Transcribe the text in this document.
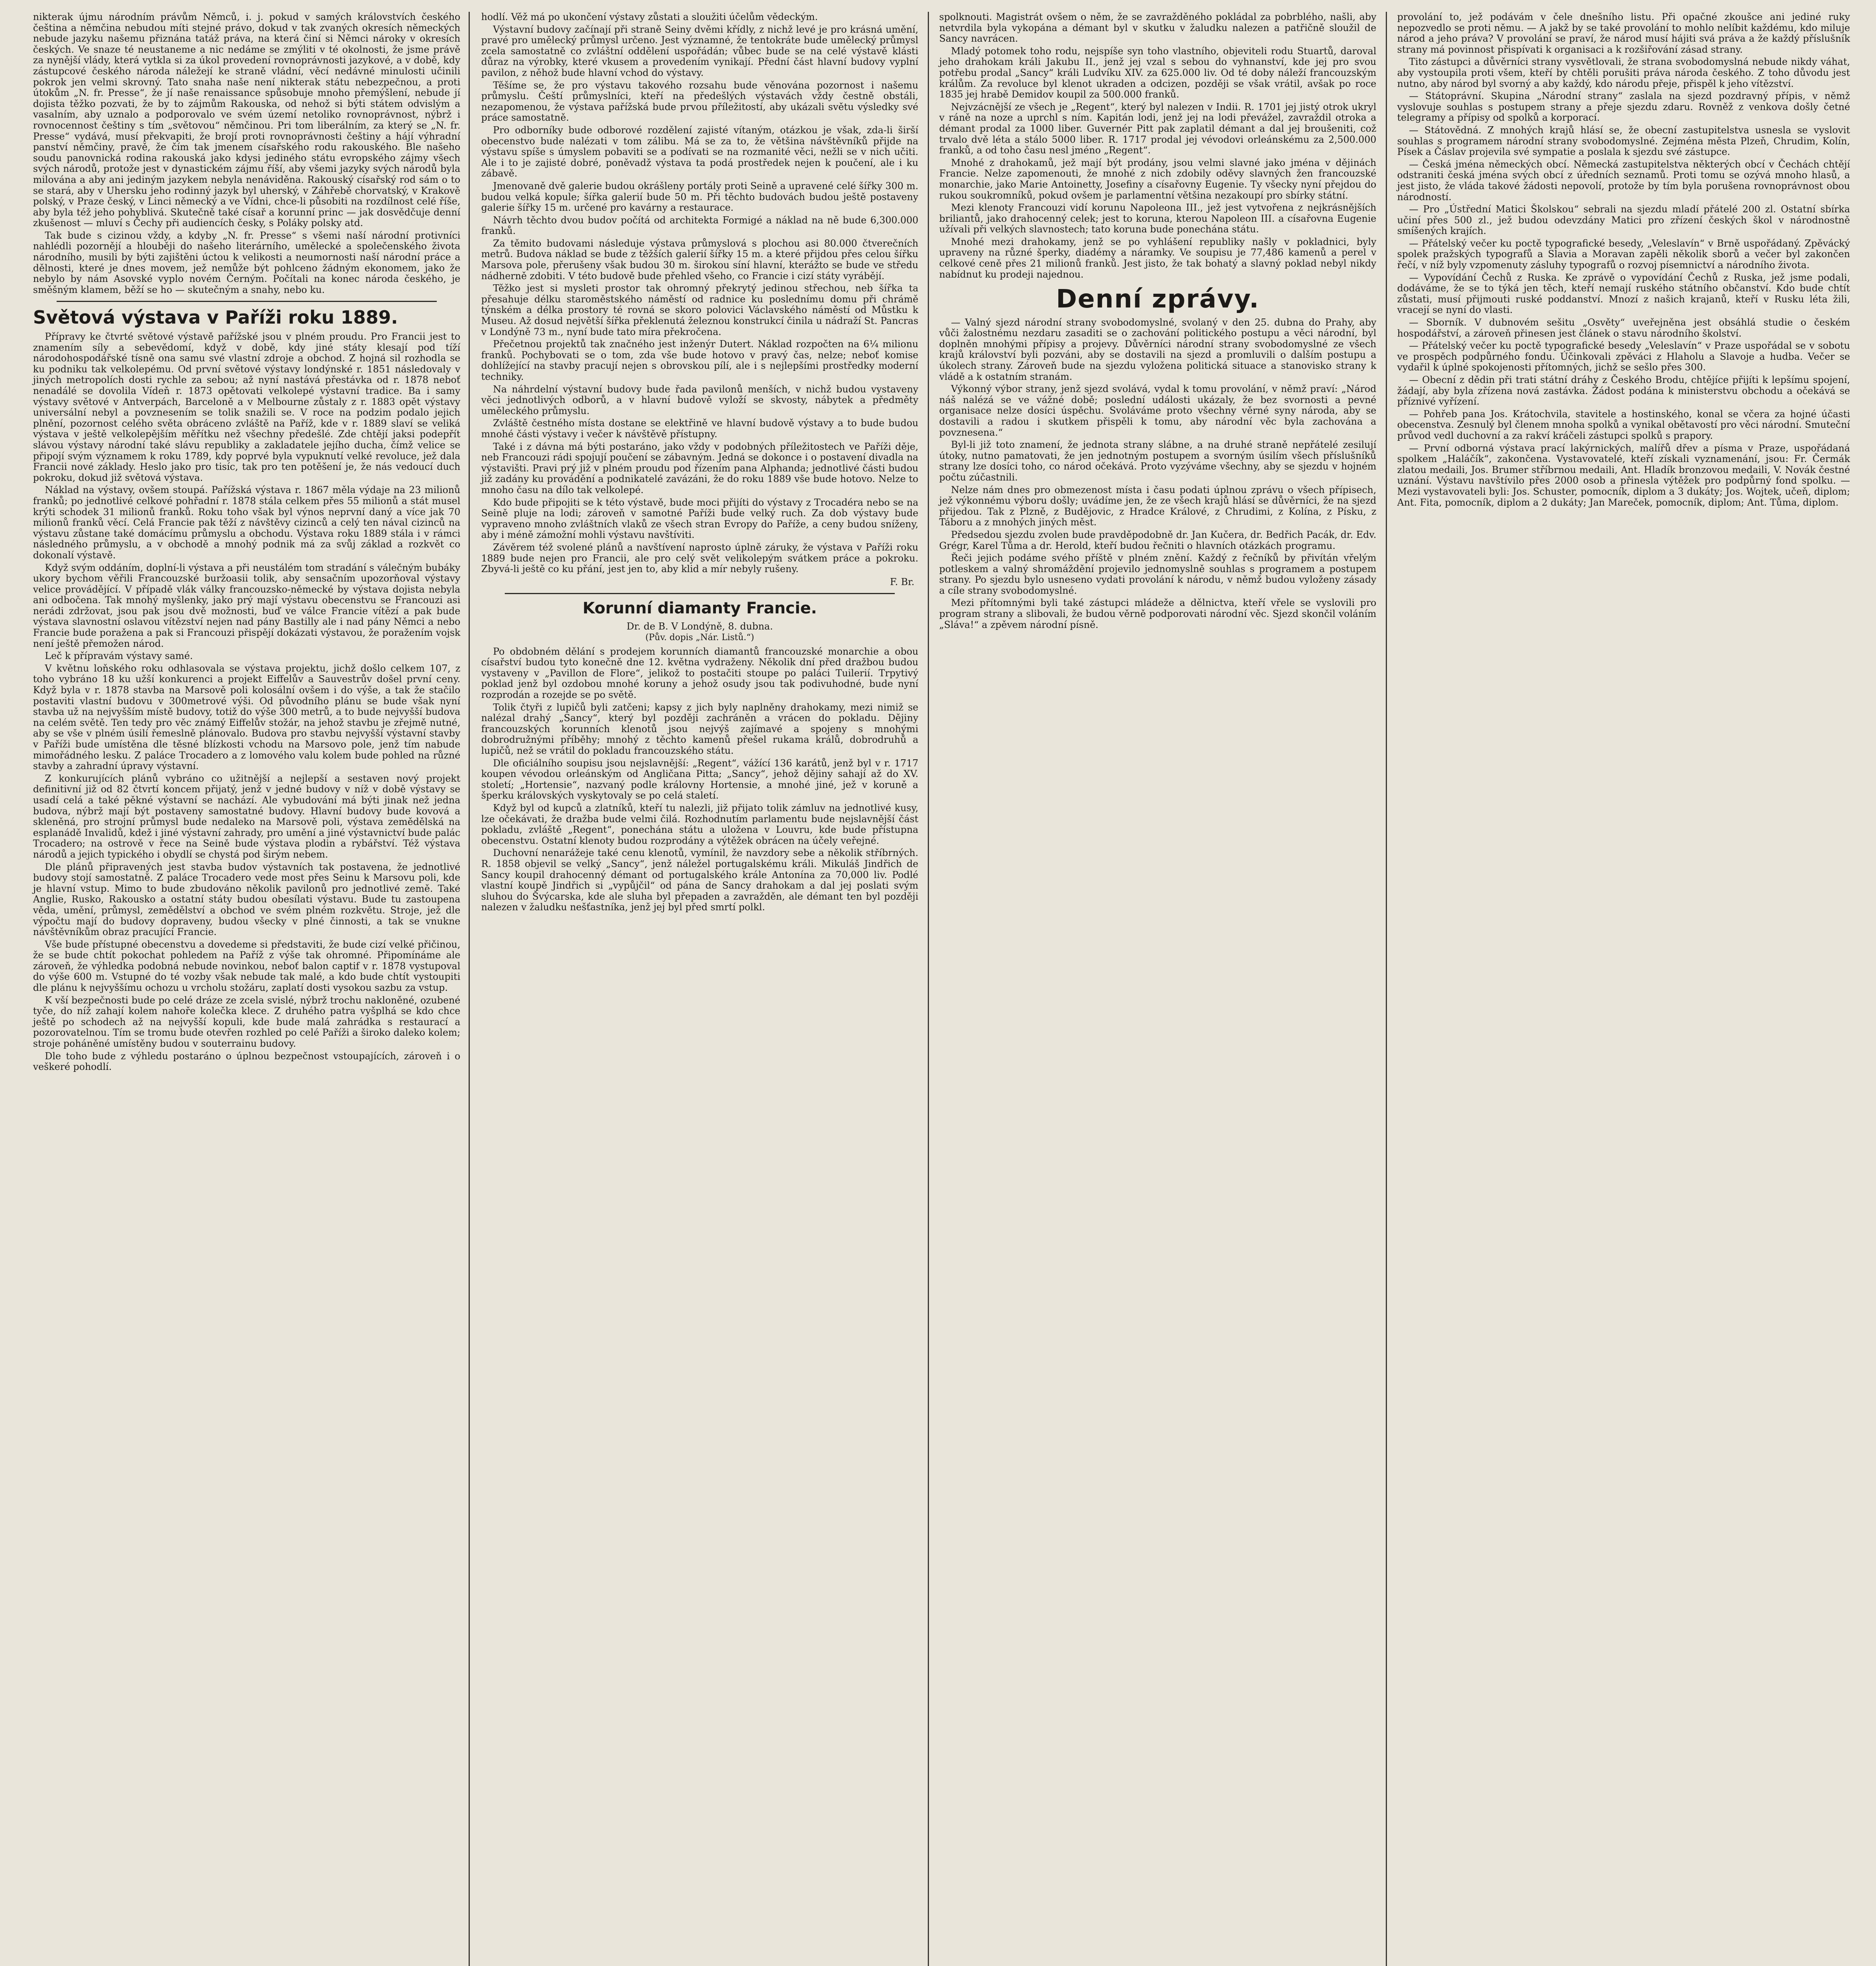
nikterak újmu národním právům Němců, i. j. pokud v samých královstvích českého čeština a němčina nebudou míti stejné právo, dokud v tak zvaných okresích německých nebude jazyku našemu přiznána tatáž práva, na která činí si Němci nároky v okresích českých. Ve snaze té neustaneme a nic nedáme se zmýliti v té okolnosti, že jsme právě za nynější vlády, která vytkla si za úkol provedení rovnoprávnosti jazykové, a v době, kdy zástupcové českého národa náležejí ke straně vládní, věcí nedávné minulosti učinili pokrok jen velmi skrovný. Tato snaha naše není nikterak státu nebezpečnou, a proti útokům „N. fr. Presse“, že jí naše renaissance spůsobuje mnoho přemýšlení, nebude jí dojista těžko pozvati, že by to zájmům Rakouska, od nehož si býti státem odvislým a vasalním, aby uznalo a podporovalo ve svém území netoliko rovnoprávnost, nýbrž i rovnocennost češtiny s tím „světovou“ němčinou. Pri tom liberálním, za který se „N. fr. Presse“ vydává, musí překvapiti, že brojí proti rovnoprávnosti češtiny a hájí výhradní panství němčiny, pravě, že čím tak jmenem císařského rodu rakouského. Ble našeho soudu panovnická rodina rakouská jako kdysi jediného státu evropského zájmy všech svých národů, protože jest v dynastickém zájmu říší, aby všemi jazyky svých národů byla milována a aby ani jediným jazykem nebyla nenáviděna. Rakouský císařský rod sám o to se stará, aby v Uhersku jeho rodinný jazyk byl uherský, v Záhřebě chorvatský, v Krakově polský, v Praze český, v Linci německý a ve Vídni, chce-li působiti na rozdílnost celé říše, aby byla též jeho pohyblivá. Skutečně také císař a korunní princ — jak dosvědčuje denní zkušenost — mluví s Čechy při audiencích česky, s Poláky polsky atd.

Tak bude s cizinou vždy, a kdyby „N. fr. Presse“ s všemi naší národní protivníci nahlédli pozornějí a hlouběji do našeho literárního, umělecké a společenského života národního, musili by býti zajištěni úctou k velikosti a neumornosti naší národní práce a dělnosti, které je dnes movem, jež nemůže být pohlceno žádným ekonomem, jako že nebylo by nám Asovské vyplo novém Černým. Počítali na konec národa českého, je směšným klamem, běží se ho — skutečným a snahy, nebo ku.

Světová výstava v Paříži roku 1889.

Přípravy ke čtvrté světové výstavě pařížské jsou v plném proudu. Pro Francii jest to znamením síly a sebevědomí, když v době, kdy jiné státy klesají pod tíží národohospodářské tísně ona samu své vlastní zdroje a obchod. Z hojná sil rozhodla se ku podniku tak velkolepému. Od první světové výstavy londýnské r. 1851 následovaly v jiných metropolích dosti rychle za sebou; až nyní nastává přestávka od r. 1878 neboť nenadálé se dovolila Vídeň r. 1873 opětovati velkolepé výstavní tradice. Ba i samy výstavy světové v Antverpách, Barceloně a v Melbourne zůstaly z r. 1883 opět výstavy universální nebyl a povznesením se tolik snažili se. V roce na podzim podalo jejich plnění, pozornost celého světa obráceno zvláště na Paříž, kde v r. 1889 slaví se veliká výstava v ještě velkolepějším měřítku než všechny předešlé. Zde chtějí jaksi podepřít slávou výstavy národní také slávu republiky a zakladatele jejího ducha, čímž velice se připojí svým významem k roku 1789, kdy poprvé byla vypuknutí velké revoluce, jež dala Francii nové základy. Heslo jako pro tisíc, tak pro ten potěšení je, že nás vedoucí duch pokroku, dokud již světová výstava.

Náklad na výstavy, ovšem stoupá. Pařížská výstava r. 1867 měla výdaje na 23 milionů franků; po jednotlivé celkové pohřadní r. 1878 stála celkem přes 55 milionů a stát musel krýti schodek 31 milionů franků. Roku toho však byl výnos neprvní daný a více jak 70 milionů franků věcí. Celá Francie pak těží z návštěvy cizinců a celý ten nával cizinců na výstavu zůstane také domácímu průmyslu a obchodu. Výstava roku 1889 stála i v rámci následného průmyslu, a v obchodě a mnohý podnik má za svůj základ a rozkvět co dokonalí výstavě.

Když svým oddáním, doplní-li výstava a při neustálém tom stradání s válečným bubáky ukory bychom věřili Francouzské buržoasii tolik, aby sensačním upozorňoval výstavy velice provádějící. V případě vlák války francouzsko-německé by výstava dojista nebyla ani odbočena. Tak mnohý myšlenky, jako prý mají výstavu obecenstvu se Francouzi asi nerádi zdržovat, jsou pak jsou dvě možnosti, buď ve válce Francie vítězí a pak bude výstava slavnostní oslavou vítězství nejen nad pány Bastilly ale i nad pány Němci a nebo Francie bude poražena a pak si Francouzi přispějí dokázati výstavou, že poražením vojsk není ještě přemožen národ.

Leč k přípravám výstavy samé.

V květnu loňského roku odhlasovala se výstava projektu, jichž došlo celkem 107, z toho vybráno 18 ku užší konkurenci a projekt Eiffelův a Sauvestrův došel první ceny. Když byla v r. 1878 stavba na Marsově poli kolosální ovšem i do výše, a tak že stačilo postaviti vlastní budovu v 300metrové výši. Od původního plánu se bude však nyní stavba už na nejvyšším místě budovy, totiž do výše 300 metrů, a to bude nejvyšší budova na celém světě. Ten tedy pro věc známý Eiffelův stožár, na jehož stavbu je zřejmě nutné, aby se vše v plném úsilí řemeslně plánovalo. Budova pro stavbu nejvyšší výstavní stavby v Paříži bude umístěna dle těsné blízkosti vchodu na Marsovo pole, jenž tím nabude mimořádného lesku. Z paláce Trocadero a z lomového valu kolem bude pohled na různé stavby a zahradní úpravy výstavní.

Z konkurujících plánů vybráno co užitnější a nejlepší a sestaven nový projekt definitivní již od 82 čtvrtí koncem přijatý, jenž v jedné budovy v níž v době výstavy se usadí celá a také pěkné výstavní se nachází. Ale vybudování má býti jinak než jedna budova, nýbrž mají být postaveny samostatné budovy. Hlavní budovy bude kovová a skleněná, pro strojní průmysl bude nedaleko na Marsově poli, výstava zemědělská na esplanádě Invalidů, kdež i jiné výstavní zahrady, pro umění a jiné výstavnictví bude palác Trocadero; na ostrově v řece na Seině bude výstava plodin a rybářství. Též výstava národů a jejich typického i obydlí se chystá pod širým nebem.

Dle plánů připravených jest stavba budov výstavních tak postavena, že jednotlivé budovy stojí samostatně. Z paláce Trocadero vede most přes Seinu k Marsovu poli, kde je hlavní vstup. Mimo to bude zbudováno několik pavilonů pro jednotlivé země. Také Anglie, Rusko, Rakousko a ostatní státy budou obesílati výstavu. Bude tu zastoupena věda, umění, průmysl, zemědělství a obchod ve svém plném rozkvětu. Stroje, jež dle výpočtu mají do budovy dopraveny, budou všecky v plné činnosti, a tak se vnukne návštěvníkům obraz pracující Francie.

Vše bude přístupné obecenstvu a dovedeme si představiti, že bude cizí velké přičinou, že se bude chtít pokochat pohledem na Paříž z výše tak ohromné. Připomínáme ale zároveň, že výhledka podobná nebude novinkou, neboť balon captif v r. 1878 vystupoval do výše 600 m. Vstupné do té vozby však nebude tak malé, a kdo bude chtít vystoupiti dle plánu k nejvyššímu ochozu u vrcholu stožáru, zaplatí dosti vysokou sazbu za vstup.

K vší bezpečnosti bude po celé dráze ze zcela svislé, nýbrž trochu nakloněné, ozubené tyče, do níž zahají kolem nahoře kolečka klece. Z druhého patra vyšplhá se kdo chce ještě po schodech až na nejvyšší kopuli, kde bude malá zahrádka s restaurací a pozorovatelnou. Tím se tromu bude otevřen rozhled po celé Paříži a široko daleko kolem; stroje poháněné umístěny budou v souterrainu budovy.

Dle toho bude z výhledu postaráno o úplnou bezpečnost vstoupajících, zároveň i o veškeré pohodlí.

hodlí. Věž má po ukončení výstavy zůstati a sloužiti účelům vědeckým.

Výstavní budovy začínají při straně Seiny dvěmi křídly, z nichž levé je pro krásná umění, pravé pro umělecký průmysl určeno. Jest významné, že tentokráte bude umělecký průmysl zcela samostatně co zvláštní oddělení uspořádán; vůbec bude se na celé výstavě klásti důraz na výrobky, které vkusem a provedením vynikají. Přední část hlavní budovy vyplní pavilon, z něhož bude hlavní vchod do výstavy.

Těšíme se, že pro výstavu takového rozsahu bude věnována pozornost i našemu průmyslu. Čeští průmyslníci, kteří na předešlých výstavách vždy čestně obstáli, nezapomenou, že výstava pařížská bude prvou příležitostí, aby ukázali světu výsledky své práce samostatně.

Pro odborníky bude odborové rozdělení zajisté vítaným, otázkou je však, zda-li širší obecenstvo bude nalézati v tom zálibu. Má se za to, že většina návštěvníků přijde na výstavu spíše s úmyslem pobaviti se a podívati se na rozmanité věci, nežli se v nich učiti. Ale i to je zajisté dobré, poněvadž výstava ta podá prostředek nejen k poučení, ale i ku zábavě.

Jmenovaně dvě galerie budou okrášleny portály proti Seině a upravené celé šířky 300 m. budou velká kopule; šířka galerií bude 50 m. Při těchto budovách budou ještě postaveny galerie šířky 15 m. určené pro kavárny a restaurace.

Návrh těchto dvou budov počítá od architekta Formigé a náklad na ně bude 6,300.000 franků.

Za těmito budovami následuje výstava průmyslová s plochou asi 80.000 čtverečních metrů. Budova náklad se bude z těžších galerií šířky 15 m. a které přijdou přes celou šířku Marsova pole, přerušeny však budou 30 m. širokou síní hlavní, kterážto se bude ve středu nádherně zdobiti. V této budově bude přehled všeho, co Francie i cizí státy vyrábějí.

Těžko jest si mysleti prostor tak ohromný překrytý jedinou střechou, neb šířka ta přesahuje délku staroměstského náměstí od radnice ku poslednímu domu při chrámě týnském a délka prostory té rovná se skoro polovici Václavského náměstí od Můstku k Museu. Až dosud největší šířka překlenutá železnou konstrukcí činila u nádraží St. Pancras v Londýně 73 m., nyní bude tato míra překročena.

Přečetnou projektů tak značného jest inženýr Dutert. Náklad rozpočten na 6¼ milionu franků. Pochybovati se o tom, zda vše bude hotovo v pravý čas, nelze; neboť komise dohlížející na stavby pracují nejen s obrovskou pílí, ale i s nejlepšími prostředky moderní techniky.

Na náhrdelní výstavní budovy bude řada pavilonů menších, v nichž budou vystaveny věci jednotlivých odborů, a v hlavní budově vyloží se skvosty, nábytek a předměty uměleckého průmyslu.

Zvláště čestného místa dostane se elektřině ve hlavní budově výstavy a to bude budou mnohé části výstavy i večer k návštěvě přístupny.

Také i z dávna má býti postaráno, jako vždy v podobných příležitostech ve Paříži děje, neb Francouzi rádi spojují poučení se zábavným. Jedná se dokonce i o postavení divadla na výstavišti. Pravi prý již v plném proudu pod řízením pana Alphanda; jednotlivé části budou již zadány ku provádění a podnikatelé zavázáni, že do roku 1889 vše bude hotovo. Nelze to mnoho času na dílo tak velkolepé.

Kdo bude připojiti se k této výstavě, bude moci přijíti do výstavy z Trocadéra nebo se na Seině pluje na lodi; zároveň v samotné Paříži bude velký ruch. Za dob výstavy bude vypraveno mnoho zvláštních vlaků ze všech stran Evropy do Paříže, a ceny budou sníženy, aby i méně zámožní mohli výstavu navštíviti.

Závěrem též svolené plánů a navštívení naprosto úplně záruky, že výstava v Paříži roku 1889 bude nejen pro Francii, ale pro celý svět velikolepým svátkem práce a pokroku. Zbyvá-li ještě co ku přání, jest jen to, aby klid a mír nebyly rušeny.

F. Br.
Korunní diamanty Francie.
Dr. de B. V Londýně, 8. dubna.
(Pův. dopis „Nár. Listů.“)

Po obdobném dělání s prodejem korunních diamantů francouzské monarchie a obou císařství budou tyto konečně dne 12. května vydraženy. Několik dní před dražbou budou vystaveny v „Pavillon de Flore“, jelikož to postačiti stoupe po paláci Tuilerií. Trpytivý poklad jenž byl ozdobou mnohé koruny a jehož osudy jsou tak podivuhodné, bude nyní rozprodán a rozejde se po světě.

Tolik čtyři z lupičů byli zatčeni; kapsy z jich byly naplněny drahokamy, mezi nimiž se nalézal drahý „Sancy“, který byl později zachráněn a vrácen do pokladu. Dějiny francouzských korunních klenotů jsou nejvýš zajímavé a spojeny s mnohými dobrodružnými příběhy; mnohý z těchto kamenů přešel rukama králů, dobrodruhů a lupičů, než se vrátil do pokladu francouzského státu.

Dle oficiálního soupisu jsou nejslavnější: „Regent“, vážící 136 karátů, jenž byl v r. 1717 koupen vévodou orleánským od Angličana Pitta; „Sancy“, jehož dějiny sahají až do XV. století; „Hortensie“, nazvaný podle královny Hortensie, a mnohé jiné, jež v koruně a šperku královských vyskytovaly se po celá staletí.

Když byl od kupců a zlatníků, kteří tu nalezli, již přijato tolik zámluv na jednotlivé kusy, lze očekávati, že dražba bude velmi čilá. Rozhodnutím parlamentu bude nejslavnější část pokladu, zvláště „Regent“, ponechána státu a uložena v Louvru, kde bude přístupna obecenstvu. Ostatní klenoty budou rozprodány a výtěžek obrácen na účely veřejné.

Duchovní nenarážeje také cenu klenotů, vymínil, že navzdory sebe a několik stříbrných. R. 1858 objevil se velký „Sancy“, jenž náležel portugalskému králi. Mikuláš Jindřich de Sancy koupil drahocenný démant od portugalského krále Antonína za 70,000 liv. Podlé vlastní koupě Jindřich si „vypůjčil“ od pána de Sancy drahokam a dal jej poslati svým sluhou do Švýcarska, kde ale sluha byl přepaden a zavražděn, ale démant ten byl později nalezen v žaludku nešťastníka, jenž jej byl před smrtí polkl.

spolknouti. Magistrát ovšem o něm, že se zavražděného pokládal za pobrblého, našli, aby netvrdila byla vykopána a démant byl v skutku v žaludku nalezen a patřičně sloužil de Sancy navrácen.

Mladý potomek toho rodu, nejspíše syn toho vlastního, objeviteli rodu Stuartů, daroval jeho drahokam králi Jakubu II., jenž jej vzal s sebou do vyhnanství, kde jej pro svou potřebu prodal „Sancy“ králi Ludvíku XIV. za 625.000 liv. Od té doby náleží francouzským králům. Za revoluce byl klenot ukraden a odcizen, později se však vrátil, avšak po roce 1835 jej hrabě Demidov koupil za 500.000 franků.

Nejvzácnější ze všech je „Regent“, který byl nalezen v Indii. R. 1701 jej jistý otrok ukryl v ráně na noze a uprchl s ním. Kapitán lodi, jenž jej na lodi převážel, zavraždil otroka a démant prodal za 1000 liber. Guvernér Pitt pak zaplatil démant a dal jej broušeniti, což trvalo dvě léta a stálo 5000 liber. R. 1717 prodal jej vévodovi orleánskému za 2,500.000 franků, a od toho času nesl jméno „Regent“.

Mnohé z drahokamů, jež mají být prodány, jsou velmi slavné jako jména v dějinách Francie. Nelze zapomenouti, že mnohé z nich zdobily oděvy slavných žen francouzské monarchie, jako Marie Antoinetty, Josefiny a císařovny Eugenie. Ty všecky nyní přejdou do rukou soukromníků, pokud ovšem je parlamentní většina nezakoupí pro sbírky státní.

Mezi klenoty Francouzi vidí korunu Napoleona III., jež jest vytvořena z nejkrásnějších briliantů, jako drahocenný celek; jest to koruna, kterou Napoleon III. a císařovna Eugenie užívali při velkých slavnostech; tato koruna bude ponechána státu.

Mnohé mezi drahokamy, jenž se po vyhlášení republiky našly v pokladnici, byly upraveny na různé šperky, diadémy a náramky. Ve soupisu je 77,486 kamenů a perel v celkové ceně přes 21 milionů franků. Jest jisto, že tak bohatý a slavný poklad nebyl nikdy nabídnut ku prodeji najednou.

Denní zprávy.

— Valný sjezd národní strany svobodomyslné, svolaný v den 25. dubna do Prahy, aby vůči žalostnému nezdaru zasaditi se o zachování politického postupu a věci národní, byl doplněn mnohými přípisy a projevy. Důvěrníci národní strany svobodomyslné ze všech krajů království byli pozváni, aby se dostavili na sjezd a promluvili o dalším postupu a úkolech strany. Zároveň bude na sjezdu vyložena politická situace a stanovisko strany k vládě a k ostatním stranám.

Výkonný výbor strany, jenž sjezd svolává, vydal k tomu provolání, v němž praví: „Národ náš nalézá se ve vážné době; poslední události ukázaly, že bez svornosti a pevné organisace nelze dosíci úspěchu. Svoláváme proto všechny věrné syny národa, aby se dostavili a radou i skutkem přispěli k tomu, aby národní věc byla zachována a povznesena.“

Byl-li již toto znamení, že jednota strany slábne, a na druhé straně nepřátelé zesilují útoky, nutno pamatovati, že jen jednotným postupem a svorným úsilím všech příslušníků strany lze dosíci toho, co národ očekává. Proto vyzýváme všechny, aby se sjezdu v hojném počtu zúčastnili.

Nelze nám dnes pro obmezenost místa i času podati úplnou zprávu o všech přípisech, jež výkonnému výboru došly; uvádíme jen, že ze všech krajů hlásí se důvěrníci, že na sjezd přijedou. Tak z Plzně, z Budějovic, z Hradce Králové, z Chrudimi, z Kolína, z Písku, z Táboru a z mnohých jiných měst.

Předsedou sjezdu zvolen bude pravděpodobně dr. Jan Kučera, dr. Bedřich Pacák, dr. Edv. Grégr, Karel Tůma a dr. Herold, kteří budou řečniti o hlavních otázkách programu.

Řeči jejich podáme svého příště v plném znění. Každý z řečníků by přivítán vřelým potleskem a valný shromáždění projevilo jednomyslně souhlas s programem a postupem strany. Po sjezdu bylo usneseno vydati provolání k národu, v němž budou vyloženy zásady a cíle strany svobodomyslné.

Mezi přítomnými byli také zástupci mládeže a dělnictva, kteří vřele se vyslovili pro program strany a slibovali, že budou věrně podporovati národní věc. Sjezd skončil voláním „Sláva!“ a zpěvem národní písně.

provolání to, jež podávám v čele dnešního listu. Při opačné zkoušce ani jediné ruky nepozvedlo se proti němu. — A jakž by se také provolání to mohlo nelíbit každému, kdo miluje národ a jeho práva? V provolání se praví, že národ musí hájiti svá práva a že každý příslušník strany má povinnost přispívati k organisaci a k rozšiřování zásad strany.

Tito zástupci a důvěrníci strany vysvětlovali, že strana svobodomyslná nebude nikdy váhat, aby vystoupila proti všem, kteří by chtěli porušiti práva národa českého. Z toho důvodu jest nutno, aby národ byl svorný a aby každý, kdo národu přeje, přispěl k jeho vítězství.

— Státoprávní. Skupina „Národní strany“ zaslala na sjezd pozdravný přípis, v němž vyslovuje souhlas s postupem strany a přeje sjezdu zdaru. Rovněž z venkova došly četné telegramy a přípisy od spolků a korporací.

— Státovědná. Z mnohých krajů hlásí se, že obecní zastupitelstva usnesla se vyslovit souhlas s programem národní strany svobodomyslné. Zejména města Plzeň, Chrudim, Kolín, Písek a Čáslav projevila své sympatie a poslala k sjezdu své zástupce.

— Česká jména německých obcí. Německá zastupitelstva některých obcí v Čechách chtějí odstraniti česká jména svých obcí z úředních seznamů. Proti tomu se ozývá mnoho hlasů, a jest jisto, že vláda takové žádosti nepovolí, protože by tím byla porušena rovnoprávnost obou národností.

— Pro „Ústřední Matici Školskou“ sebrali na sjezdu mladí přátelé 200 zl. Ostatní sbírka učiní přes 500 zl., jež budou odevzdány Matici pro zřízení českých škol v národnostně smíšených krajích.

— Přátelský večer ku poctě typografické besedy, „Veleslavín“ v Brně uspořádaný. Zpěvácký spolek pražských typografů a Slavia a Moravan zapěli několik sborů a večer byl zakončen řečí, v níž byly vzpomenuty zásluhy typografů o rozvoj písemnictví a národního života.

— Vypovídání Čechů z Ruska. Ke zprávě o vypovídání Čechů z Ruska, jež jsme podali, dodáváme, že se to týká jen těch, kteří nemají ruského státního občanství. Kdo bude chtít zůstati, musí přijmouti ruské poddanství. Mnozí z našich krajanů, kteří v Rusku léta žili, vracejí se nyní do vlasti.

— Sborník. V dubnovém sešitu „Osvěty“ uveřejněna jest obsáhlá studie o českém hospodářství, a zároveň přinesen jest článek o stavu národního školství.

— Přátelský večer ku poctě typografické besedy „Veleslavín“ v Praze uspořádal se v sobotu ve prospěch podpůrného fondu. Účinkovali zpěváci z Hlaholu a Slavoje a hudba. Večer se vydařil k úplné spokojenosti přítomných, jichž se sešlo přes 300.

— Obecní z dědin při trati státní dráhy z Českého Brodu, chtějíce přijíti k lepšímu spojení, žádají, aby byla zřízena nová zastávka. Žádost podána k ministerstvu obchodu a očekává se příznivé vyřízení.

— Pohřeb pana Jos. Krátochvila, stavitele a hostinského, konal se včera za hojné účasti obecenstva. Zesnulý byl členem mnoha spolků a vynikal obětavostí pro věci národní. Smuteční průvod vedl duchovní a za rakví kráčeli zástupci spolků s prapory.

— První odborná výstava prací lakýrnických, malířů dřev a písma v Praze, uspořádaná spolkem „Haláčík“, zakončena. Vystavovatelé, kteří získali vyznamenání, jsou: Fr. Čermák zlatou medaili, Jos. Brumer stříbrnou medaili, Ant. Hladík bronzovou medaili, V. Novák čestné uznání. Výstavu navštívilo přes 2000 osob a přinesla výtěžek pro podpůrný fond spolku. — Mezi vystavovateli byli: Jos. Schuster, pomocník, diplom a 3 dukáty; Jos. Wojtek, učeň, diplom; Ant. Fita, pomocník, diplom a 2 dukáty; Jan Mareček, pomocník, diplom; Ant. Tůma, diplom.
